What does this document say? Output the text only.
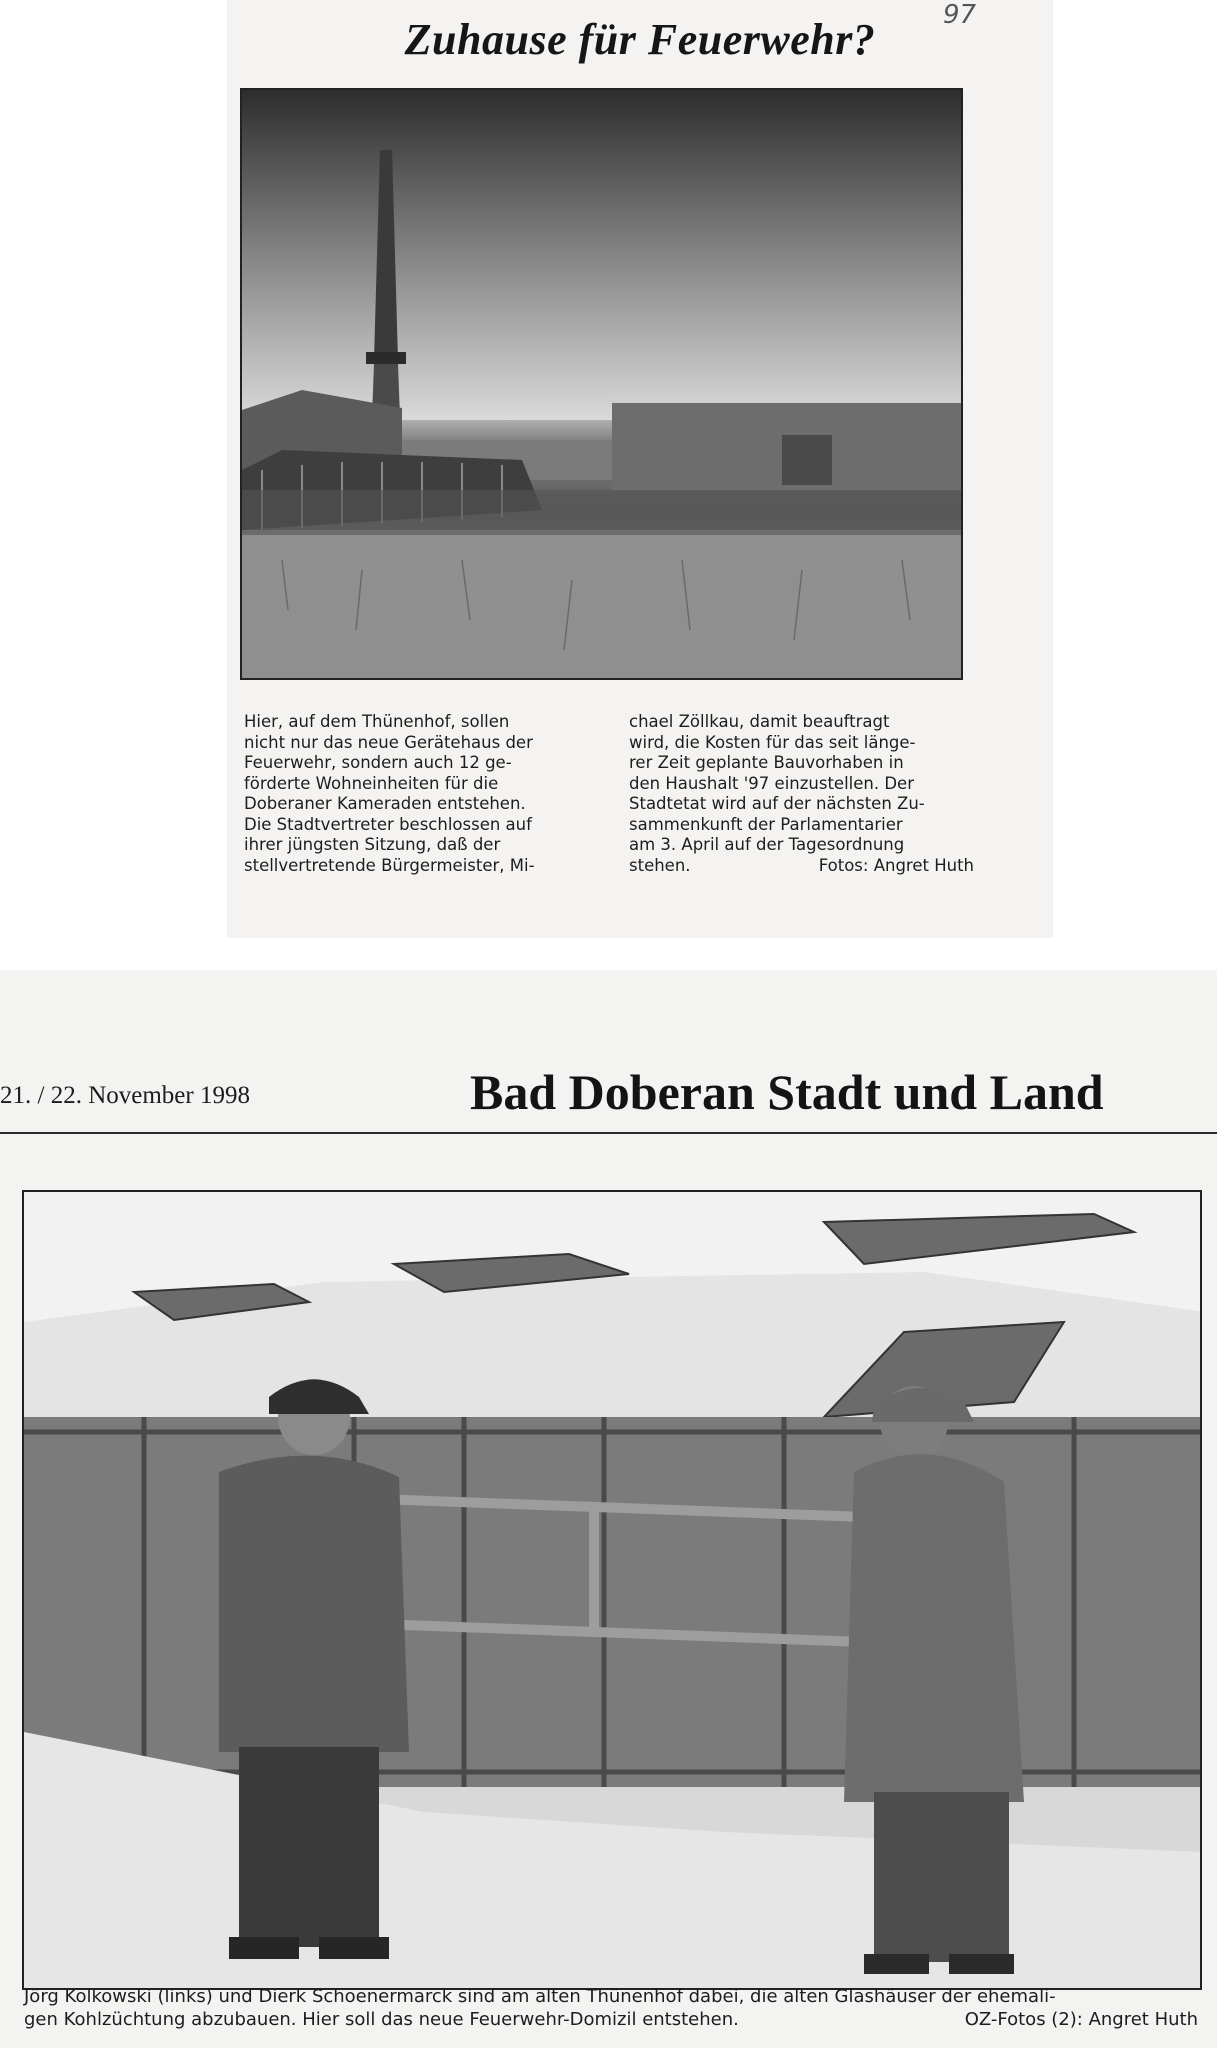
Zuhause für Feuerwehr?	97

Hier, auf dem Thünenhof, sollen

nicht nur das neue Gerätehaus der

Feuerwehr, sondern auch 12 ge-

förderte Wohneinheiten für die

Doberaner Kameraden entstehen.

Die Stadtvertreter beschlossen auf

ihrer jüngsten Sitzung, daß der

stellvertretende Bürgermeister, Mi-

chael Zöllkau, damit beauftragt

wird, die Kosten für das seit länge-

rer Zeit geplante Bauvorhaben in

den Haushalt '97 einzustellen. Der

Stadtetat wird auf der nächsten Zu-

sammenkunft der Parlamentarier

am 3. April auf der Tagesordnung

stehen.	Fotos: Angret Huth

21. / 22. November 1998	Bad Doberan Stadt und Land

Jörg Kolkowski (links) und Dierk Schoenermarck sind am alten Thünenhof dabei, die alten Glashäuser der ehemali-

gen Kohlzüchtung abzubauen. Hier soll das neue Feuerwehr-Domizil entstehen.	OZ-Fotos (2): Angret Huth
